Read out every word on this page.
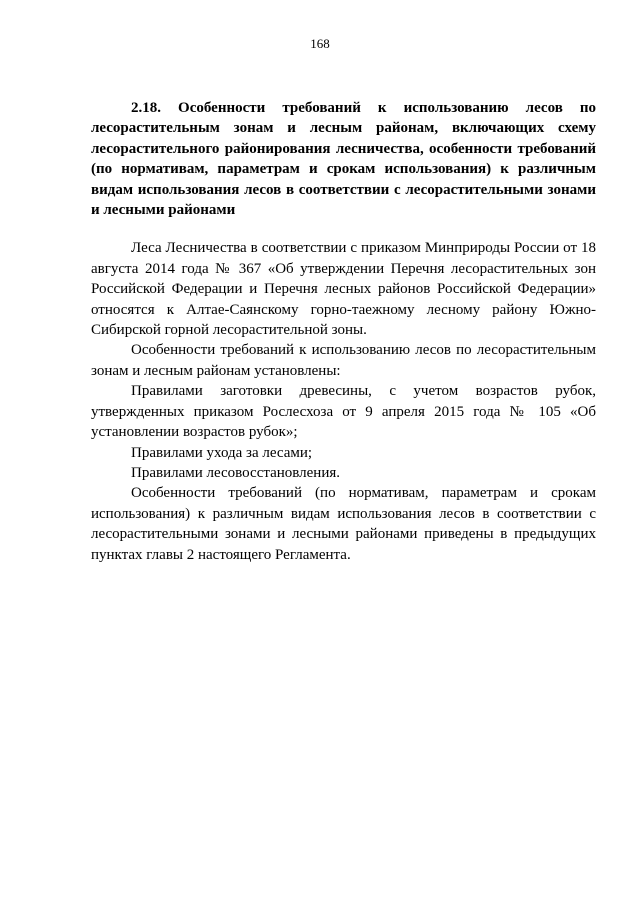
168

2.18. Особенности требований к использованию лесов по лесорастительным зонам и лесным районам, включающих схему лесорастительного районирования лесничества, особенности требований (по нормативам, параметрам и срокам использования) к различным видам использования лесов в соответствии с лесорастительными зонами и лесными районами

Леса Лесничества в соответствии с приказом Минприроды России от 18 августа 2014 года № 367 «Об утверждении Перечня лесорастительных зон Российской Федерации и Перечня лесных районов Российской Федерации» относятся к Алтае-Саянскому горно-таежному лесному району Южно-Сибирской горной лесорастительной зоны.

Особенности требований к использованию лесов по лесорастительным зонам и лесным районам установлены:

Правилами заготовки древесины, с учетом возрастов рубок, утвержденных приказом Рослесхоза от 9 апреля 2015 года № 105 «Об установлении возрастов рубок»;

Правилами ухода за лесами;

Правилами лесовосстановления.

Особенности требований (по нормативам, параметрам и срокам использования) к различным видам использования лесов в соответствии с лесорастительными зонами и лесными районами приведены в предыдущих пунктах главы 2 настоящего Регламента.
